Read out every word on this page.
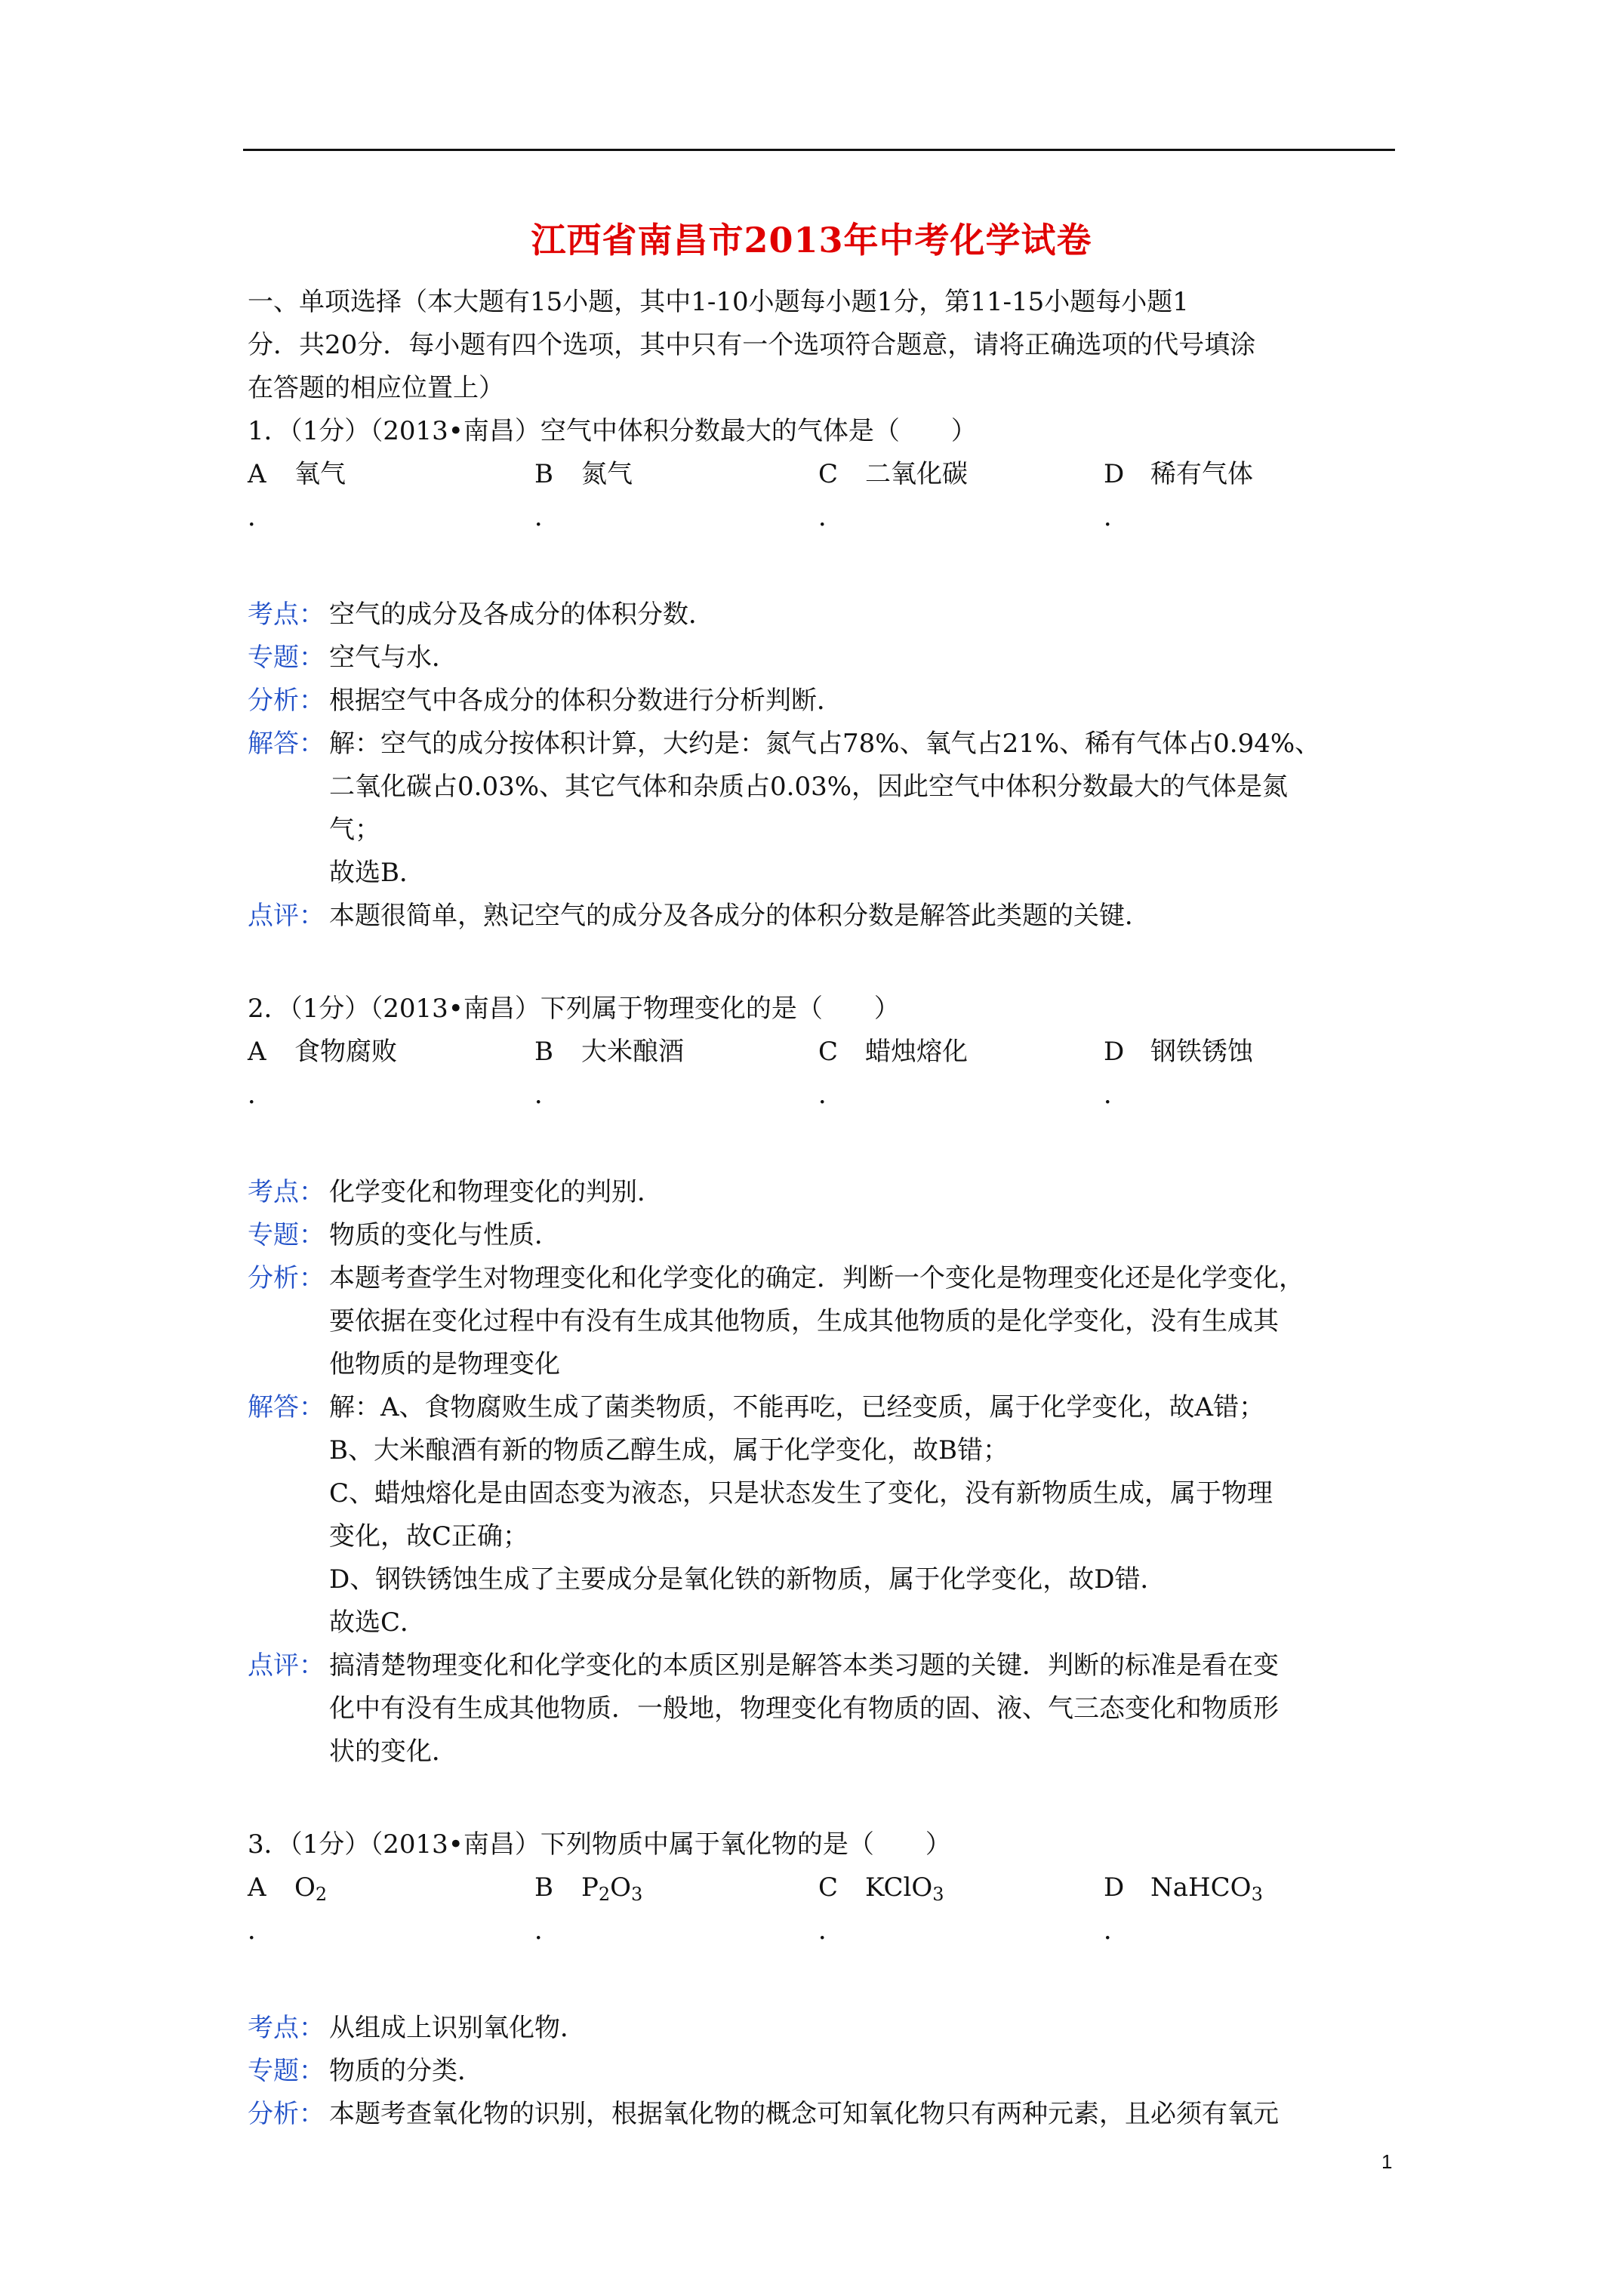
江西省南昌市2013年中考化学试卷
一、单项选择（本大题有15小题，其中1-10小题每小题1分，第11-15小题每小题1
分．共20分．每小题有四个选项，其中只有一个选项符合题意，请将正确选项的代号填涂
在答题的相应位置上）
1．（1分）（2013•南昌）空气中体积分数最大的气体是（　　）
A 氧气
．
B 氮气
．
C 二氧化碳
．
D 稀有气体
．
考点： 空气的成分及各成分的体积分数．
专题： 空气与水．
分析： 根据空气中各成分的体积分数进行分析判断．
解答： 解：空气的成分按体积计算，大约是：氮气占78%、氧气占21%、稀有气体占0.94%、
二氧化碳占0.03%、其它气体和杂质占0.03%，因此空气中体积分数最大的气体是氮
气；
故选B．
点评： 本题很简单，熟记空气的成分及各成分的体积分数是解答此类题的关键．
2．（1分）（2013•南昌）下列属于物理变化的是（　　）
A 食物腐败
．
B 大米酿酒
．
C 蜡烛熔化
．
D 钢铁锈蚀
．
考点： 化学变化和物理变化的判别．
专题： 物质的变化与性质．
分析： 本题考查学生对物理变化和化学变化的确定．判断一个变化是物理变化还是化学变化，
要依据在变化过程中有没有生成其他物质，生成其他物质的是化学变化，没有生成其
他物质的是物理变化
解答： 解：A、食物腐败生成了菌类物质，不能再吃，已经变质，属于化学变化，故A错；
B、大米酿酒有新的物质乙醇生成，属于化学变化，故B错；
C、蜡烛熔化是由固态变为液态，只是状态发生了变化，没有新物质生成，属于物理
变化，故C正确；
D、钢铁锈蚀生成了主要成分是氧化铁的新物质，属于化学变化，故D错．
故选C．
点评： 搞清楚物理变化和化学变化的本质区别是解答本类习题的关键．判断的标准是看在变
化中有没有生成其他物质．一般地，物理变化有物质的固、液、气三态变化和物质形
状的变化．
3．（1分）（2013•南昌）下列物质中属于氧化物的是（　　）
A $O_2$
．
B $P_2O_3$
．
C KClO$_3$
．
D NaHCO$_3$
．
考点： 从组成上识别氧化物．
专题： 物质的分类．
分析： 本题考查氧化物的识别，根据氧化物的概念可知氧化物只有两种元素，且必须有氧元
1
